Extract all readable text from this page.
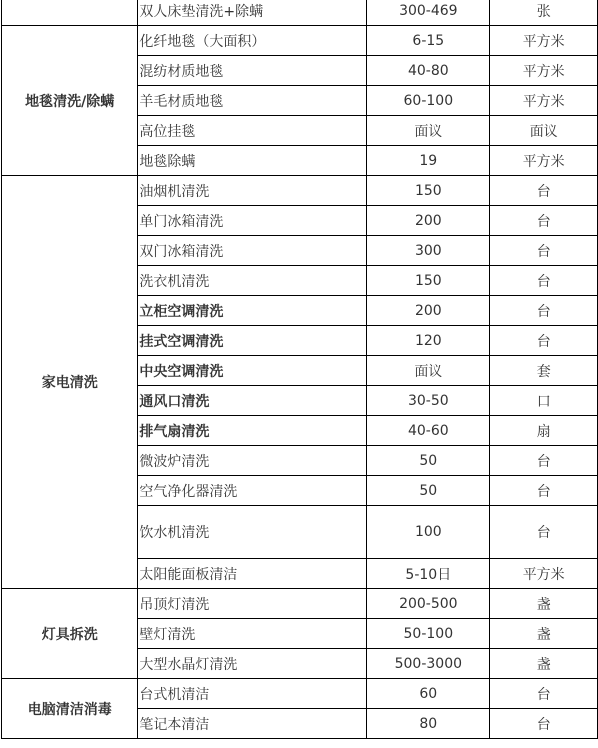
	双人床垫清洗+除螨	300-469	张
地毯清洗/除螨	化纤地毯（大面积）	6-15	平方米
	混纺材质地毯	40-80	平方米
	羊毛材质地毯	60-100	平方米
	高位挂毯	面议	面议
	地毯除螨	19	平方米
家电清洗	油烟机清洗	150	台
	单门冰箱清洗	200	台
	双门冰箱清洗	300	台
	洗衣机清洗	150	台
	立柜空调清洗	200	台
	挂式空调清洗	120	台
	中央空调清洗	面议	套
	通风口清洗	30-50	口
	排气扇清洗	40-60	扇
	微波炉清洗	50	台
	空气净化器清洗	50	台
	饮水机清洗	100	台
	太阳能面板清洁	5-10日	平方米
灯具拆洗	吊顶灯清洗	200-500	盏
	壁灯清洗	50-100	盏
	大型水晶灯清洗	500-3000	盏
电脑清洁消毒	台式机清洁	60	台
	笔记本清洁	80	台
